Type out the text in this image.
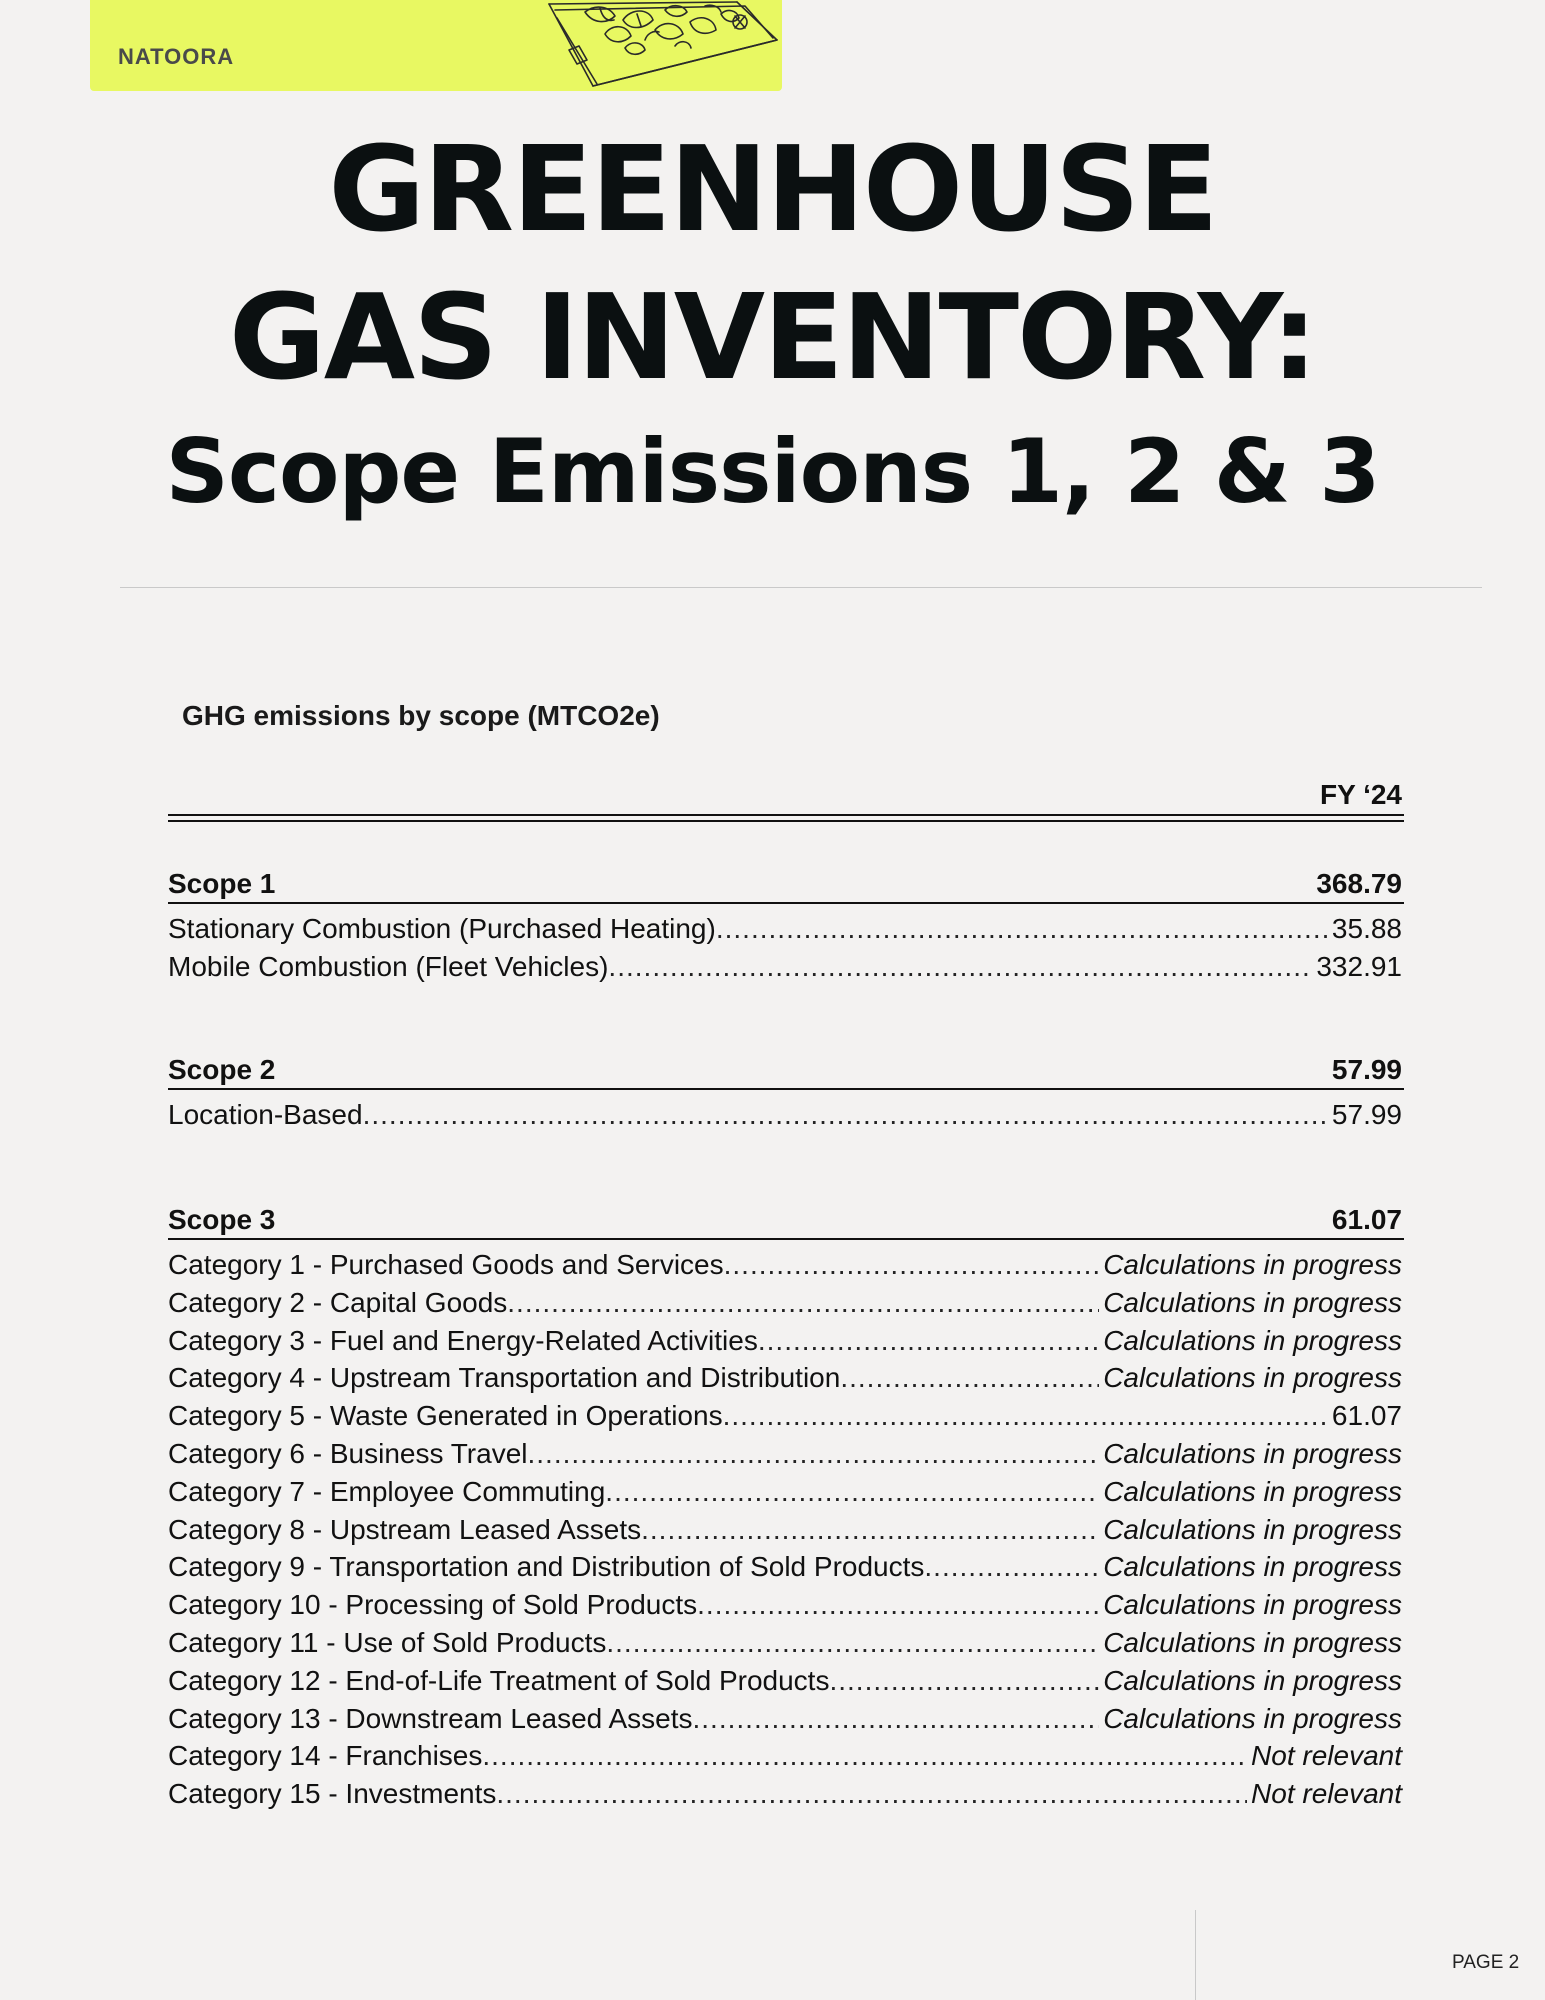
NATOORA
GREENHOUSE
GAS INVENTORY:
Scope Emissions 1, 2 & 3
GHG emissions by scope (MTCO2e)
FY ‘24
Scope 1	368.79
Stationary Combustion (Purchased Heating) .....	35.88
Mobile Combustion (Fleet Vehicles) .....	332.91
Scope 2	57.99
Location-Based .....	57.99
Scope 3	61.07
Category 1 - Purchased Goods and Services .....	Calculations in progress
Category 2 - Capital Goods .....	Calculations in progress
Category 3 - Fuel and Energy-Related Activities .....	Calculations in progress
Category 4 - Upstream Transportation and Distribution .....	Calculations in progress
Category 5 - Waste Generated in Operations .....	61.07
Category 6 - Business Travel .....	Calculations in progress
Category 7 - Employee Commuting .....	Calculations in progress
Category 8 - Upstream Leased Assets .....	Calculations in progress
Category 9 - Transportation and Distribution of Sold Products .....	Calculations in progress
Category 10 - Processing of Sold Products .....	Calculations in progress
Category 11 - Use of Sold Products .....	Calculations in progress
Category 12 - End-of-Life Treatment of Sold Products .....	Calculations in progress
Category 13 - Downstream Leased Assets .....	Calculations in progress
Category 14 - Franchises .....	Not relevant
Category 15 - Investments .....	Not relevant
PAGE 2
